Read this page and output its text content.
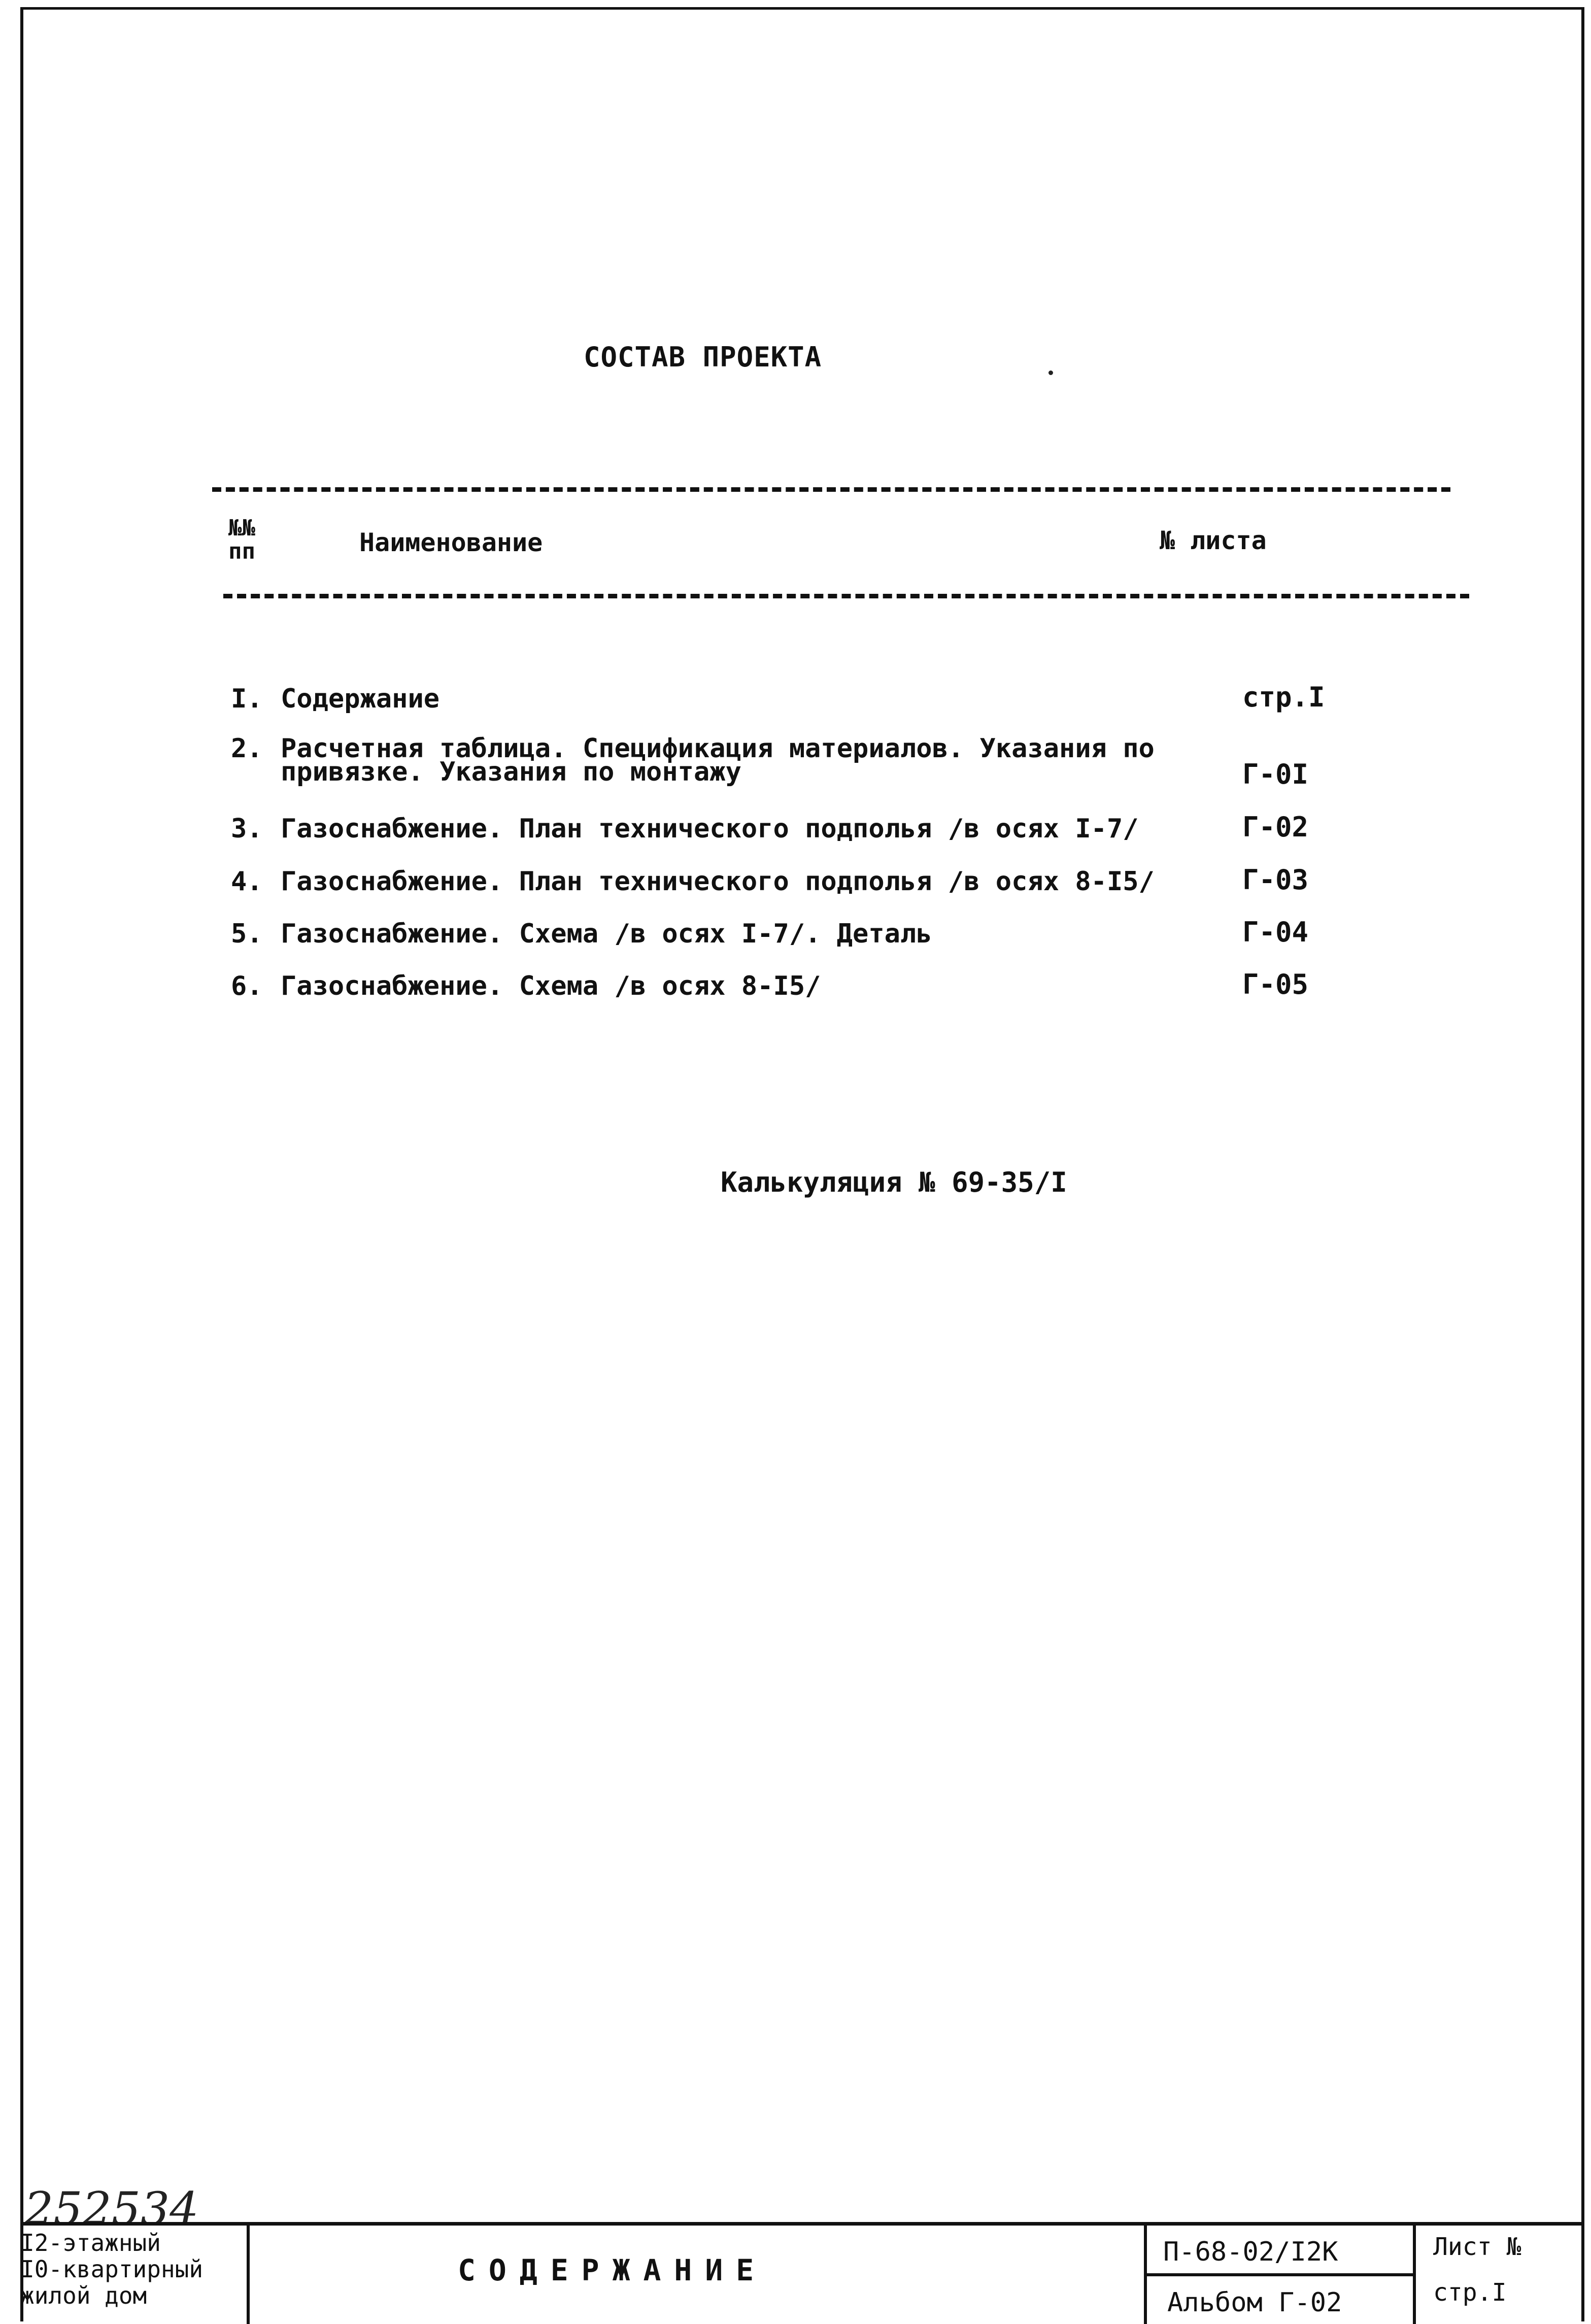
СОСТАВ ПРОЕКТА
№№ пп	Наименование	№ листа
I. Содержание	стр.I
2. Расчетная таблица. Спецификация материалов. Указания по
привязке. Указания по монтажу	Г-0I
3. Газоснабжение. План технического подполья /в осях I-7/	Г-02
4. Газоснабжение. План технического подполья /в осях 8-I5/	Г-03
5. Газоснабжение. Схема /в осях I-7/. Деталь	Г-04
6. Газоснабжение. Схема /в осях 8-I5/	Г-05
Калькуляция № 69-35/I
252534
I2-этажный
I0-квартирный
жилой дом
СОДЕРЖАНИЕ
П-68-02/I2К
Альбом Г-02
Лист №
стр.I
